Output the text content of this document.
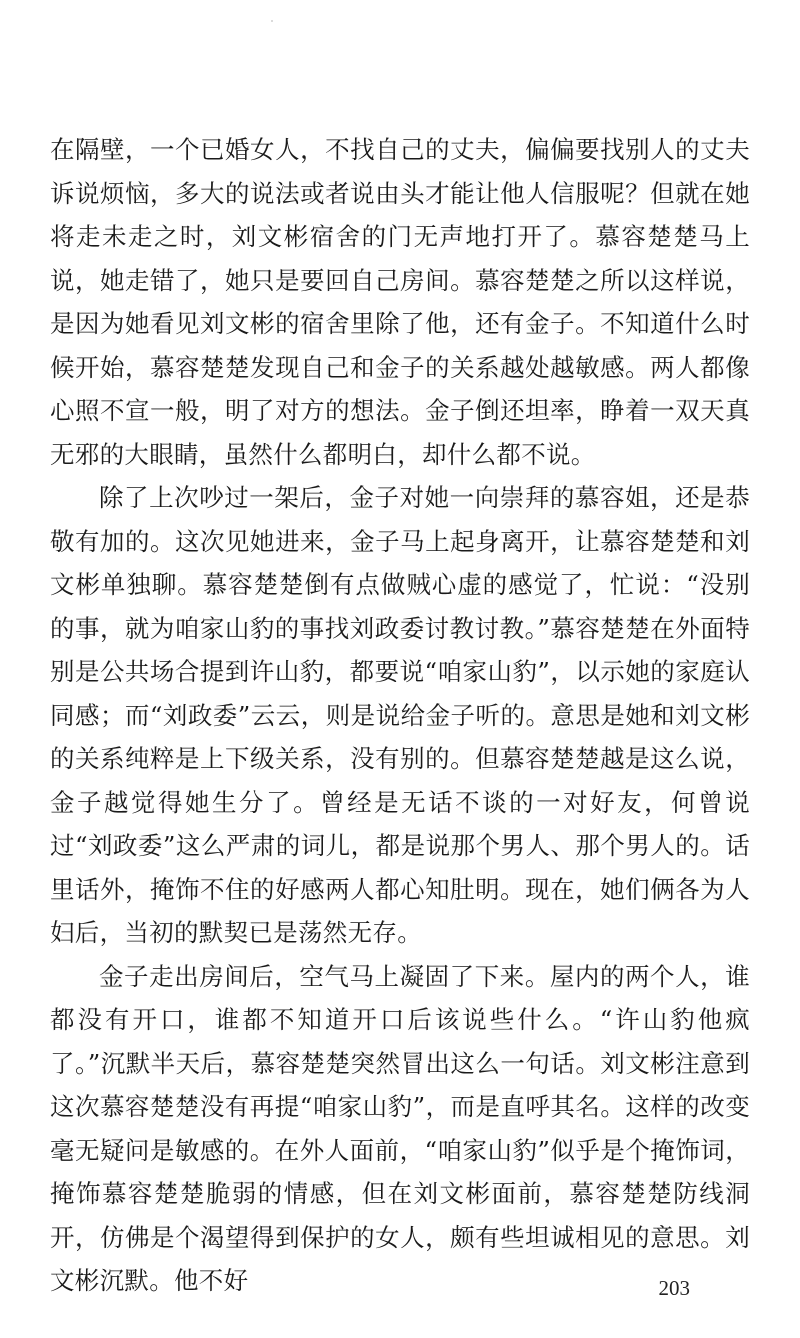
在隔壁，一个已婚女人，不找自己的丈夫，偏偏要找别人的丈夫诉说烦恼，多大的说法或者说由头才能让他人信服呢？但就在她将走未走之时，刘文彬宿舍的门无声地打开了。慕容楚楚马上说，她走错了，她只是要回自己房间。慕容楚楚之所以这样说，是因为她看见刘文彬的宿舍里除了他，还有金子。不知道什么时候开始，慕容楚楚发现自己和金子的关系越处越敏感。两人都像心照不宣一般，明了对方的想法。金子倒还坦率，睁着一双天真无邪的大眼睛，虽然什么都明白，却什么都不说。

除了上次吵过一架后，金子对她一向崇拜的慕容姐，还是恭敬有加的。这次见她进来，金子马上起身离开，让慕容楚楚和刘文彬单独聊。慕容楚楚倒有点做贼心虚的感觉了，忙说：“没别的事，就为咱家山豹的事找刘政委讨教讨教。”慕容楚楚在外面特别是公共场合提到许山豹，都要说“咱家山豹”，以示她的家庭认同感；而“刘政委”云云，则是说给金子听的。意思是她和刘文彬的关系纯粹是上下级关系，没有别的。但慕容楚楚越是这么说，金子越觉得她生分了。曾经是无话不谈的一对好友，何曾说过“刘政委”这么严肃的词儿，都是说那个男人、那个男人的。话里话外，掩饰不住的好感两人都心知肚明。现在，她们俩各为人妇后，当初的默契已是荡然无存。

金子走出房间后，空气马上凝固了下来。屋内的两个人，谁都没有开口，谁都不知道开口后该说些什么。“许山豹他疯了。”沉默半天后，慕容楚楚突然冒出这么一句话。刘文彬注意到这次慕容楚楚没有再提“咱家山豹”，而是直呼其名。这样的改变毫无疑问是敏感的。在外人面前，“咱家山豹”似乎是个掩饰词，掩饰慕容楚楚脆弱的情感，但在刘文彬面前，慕容楚楚防线洞开，仿佛是个渴望得到保护的女人，颇有些坦诚相见的意思。刘文彬沉默。他不好	203
